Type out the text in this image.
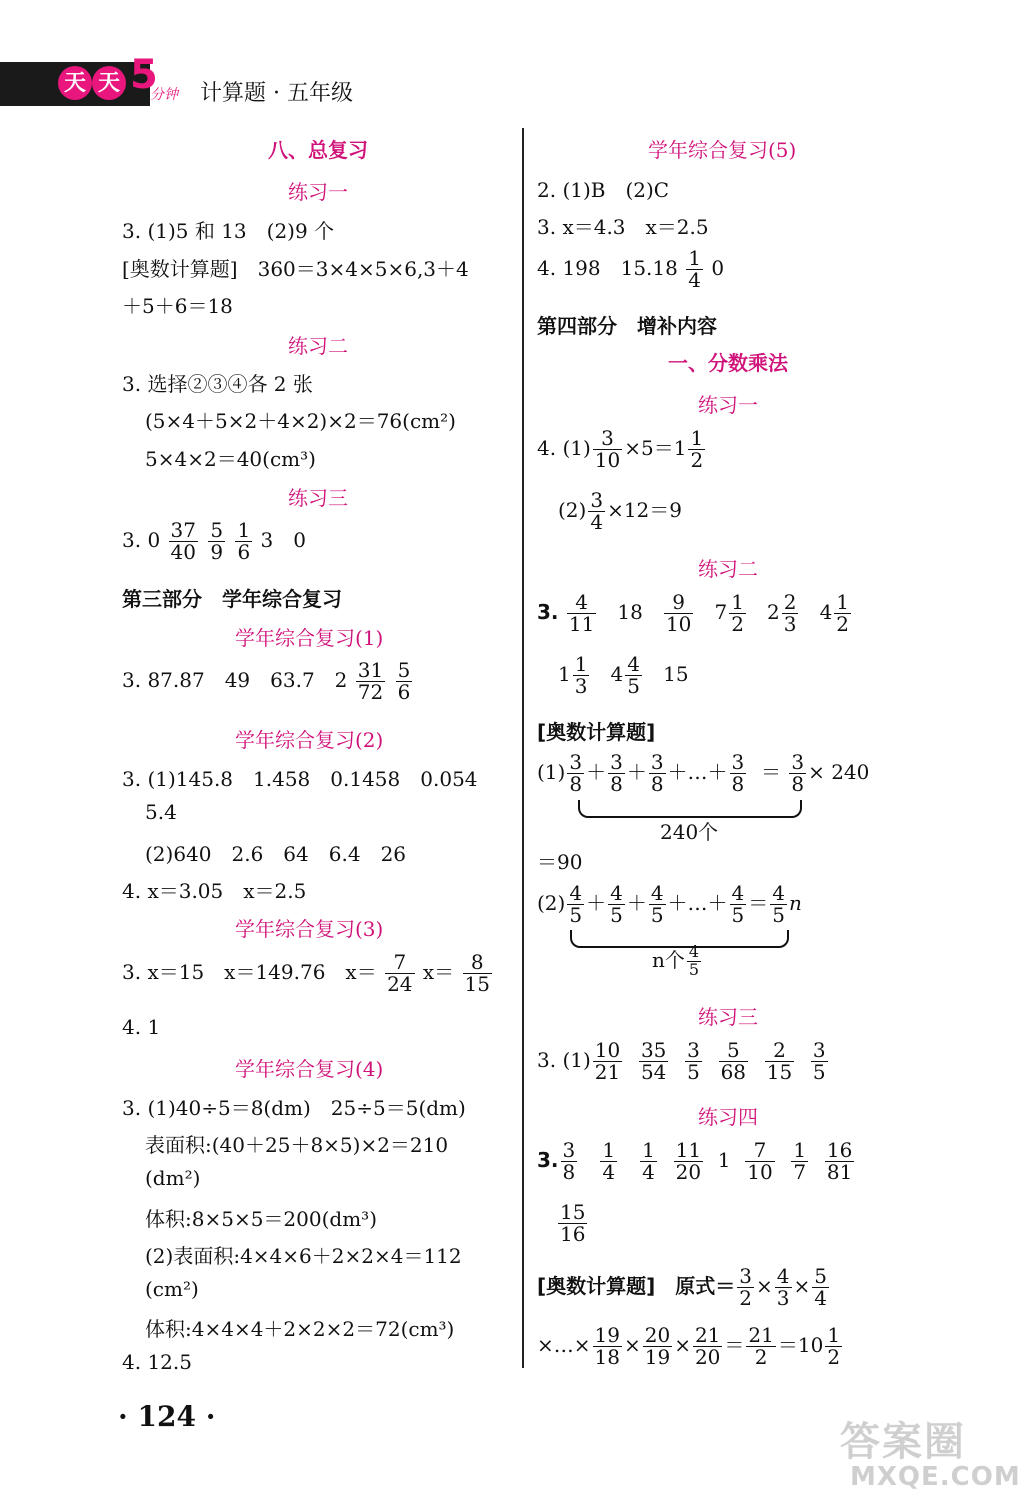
天 天 5
分钟 计算题 · 五年级
八、总复习
练习一
3. (1)5 和 13　(2)9 个
[奥数计算题]　360＝3×4×5×6,3＋4
＋5＋6＝18
练习二
3. 选择②③④各 2 张
(5×4＋5×2＋4×2)×2＝76(cm²)
5×4×2＝40(cm³)
练习三
3. $0 \frac{37}{40}$
$\frac{5}{9}$
$\frac{1}{6} 3$　0
第三部分　学年综合复习
学年综合复习(1)
3. 87.87　49　63.7　$2 \frac{31}{72}$
$\frac{5}{6}$
学年综合复习(2)
3. (1)145.8　1.458　0.1458　0.054
5.4
(2)640　2.6　64　6.4　26
4. x＝3.05　x＝2.5
学年综合复习(3)
3. x＝15　x＝149.76　$x= \frac{7}{24} x= \frac{8}{15}$
4. 1
学年综合复习(4)
3. (1)40÷5＝8(dm)　25÷5＝5(dm)
表面积:(40＋25＋8×5)×2＝210
(dm²)
体积:8×5×5＝200(dm³)
(2)表面积:4×4×6＋2×2×4＝112
(cm²)
体积:4×4×4＋2×2×2＝72(cm³)
4. 12.5
学年综合复习(5)
2. (1)B　(2)C
3. x＝4.3　x＝2.5
4. 198　$15.18 \frac{1}{4} 0$
第四部分　增补内容
一、分数乘法
练习一
4. $(1) \frac{3}{10} \times 5=1 \frac{1}{2}$
$(2) \frac{3}{4} \times 12=9$
练习二
3. $\frac{4}{11} 18 \frac{9}{10} 7 \frac{1}{2} 2 \frac{2}{3} 4 \frac{1}{2}$
$1 \frac{1}{3} 4 \frac{4}{5} 15$
[奥数计算题]
$(1) \frac{3}{8} + \frac{3}{8} + \frac{3}{8}$ ＋…＋ $\frac{3}{8} = \frac{3}{8} \times 240$
240个
＝90
$(2) \frac{4}{5} + \frac{4}{5} + \frac{4}{5}$ ＋…＋ $\frac{4}{5} = \frac{4}{5}$ n
n个 $\frac{4}{5}$
练习三
3. $(1) \frac{10}{21}$
$\frac{35}{54}$
$\frac{3}{5}$
$\frac{5}{68}$
$\frac{2}{15}$
$\frac{3}{5}$
练习四
3. $\frac{3}{8}$
$\frac{1}{4}$
$\frac{1}{4}$
$\frac{11}{20} 1 \frac{7}{10}$
$\frac{1}{7}$
$\frac{16}{81}$
$\frac{15}{16}$
[奥数计算题]　原式＝ $\frac{3}{2} \times \frac{4}{3} \times \frac{5}{4}$
×…× $\frac{19}{18} \times \frac{20}{19} \times \frac{21}{20} = \frac{21}{2} =10 \frac{1}{2}$
· 124 ·
答案圈
MXQE.COM
